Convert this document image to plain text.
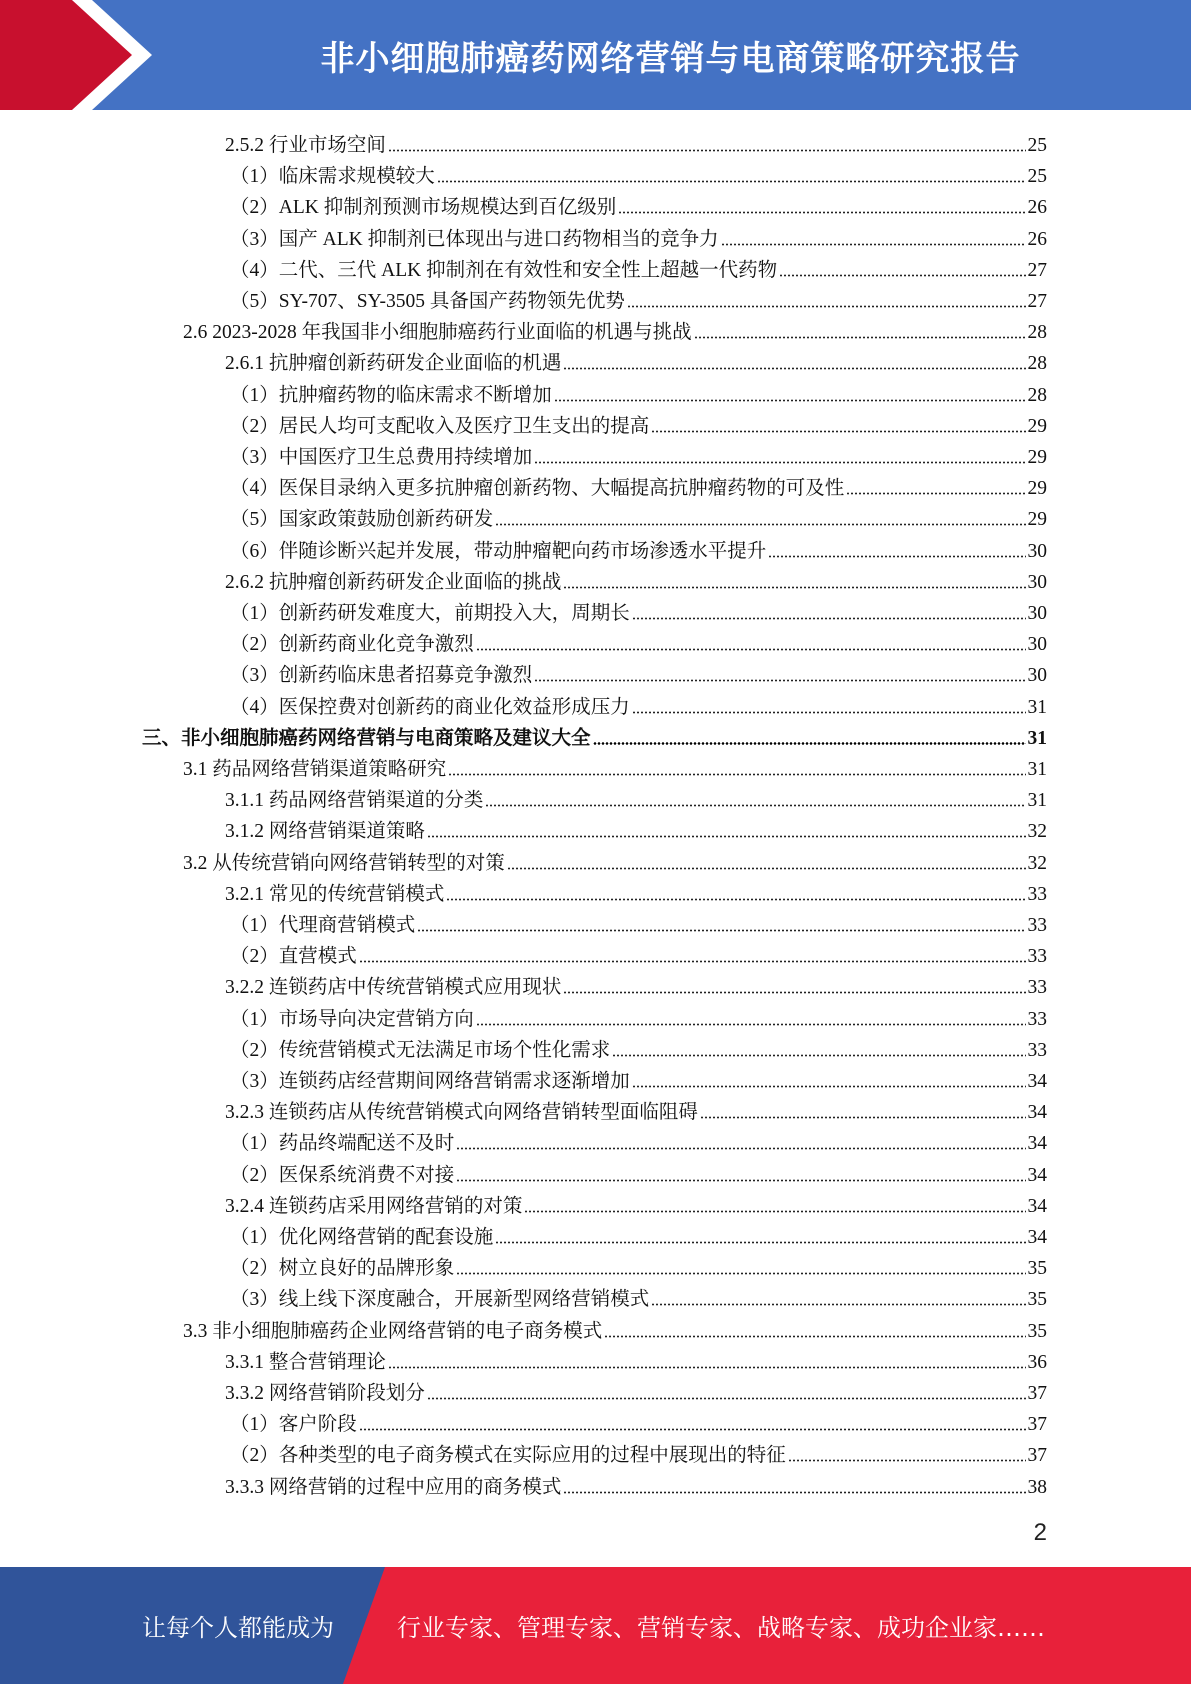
非小细胞肺癌药网络营销与电商策略研究报告
2.5.2 行业市场空间	25
（1）临床需求规模较大	25
（2）ALK 抑制剂预测市场规模达到百亿级别	26
（3）国产 ALK 抑制剂已体现出与进口药物相当的竞争力	26
（4）二代、三代 ALK 抑制剂在有效性和安全性上超越一代药物	27
（5）SY-707、SY-3505 具备国产药物领先优势	27
2.6 2023-2028 年我国非小细胞肺癌药行业面临的机遇与挑战	28
2.6.1 抗肿瘤创新药研发企业面临的机遇	28
（1）抗肿瘤药物的临床需求不断增加	28
（2）居民人均可支配收入及医疗卫生支出的提高	29
（3）中国医疗卫生总费用持续增加	29
（4）医保目录纳入更多抗肿瘤创新药物、大幅提高抗肿瘤药物的可及性	29
（5）国家政策鼓励创新药研发	29
（6）伴随诊断兴起并发展，带动肿瘤靶向药市场渗透水平提升	30
2.6.2 抗肿瘤创新药研发企业面临的挑战	30
（1）创新药研发难度大，前期投入大，周期长	30
（2）创新药商业化竞争激烈	30
（3）创新药临床患者招募竞争激烈	30
（4）医保控费对创新药的商业化效益形成压力	31
三、非小细胞肺癌药网络营销与电商策略及建议大全	31
3.1 药品网络营销渠道策略研究	31
3.1.1 药品网络营销渠道的分类	31
3.1.2 网络营销渠道策略	32
3.2 从传统营销向网络营销转型的对策	32
3.2.1 常见的传统营销模式	33
（1）代理商营销模式	33
（2）直营模式	33
3.2.2 连锁药店中传统营销模式应用现状	33
（1）市场导向决定营销方向	33
（2）传统营销模式无法满足市场个性化需求	33
（3）连锁药店经营期间网络营销需求逐渐增加	34
3.2.3 连锁药店从传统营销模式向网络营销转型面临阻碍	34
（1）药品终端配送不及时	34
（2）医保系统消费不对接	34
3.2.4 连锁药店采用网络营销的对策	34
（1）优化网络营销的配套设施	34
（2）树立良好的品牌形象	35
（3）线上线下深度融合，开展新型网络营销模式	35
3.3 非小细胞肺癌药企业网络营销的电子商务模式	35
3.3.1 整合营销理论	36
3.3.2 网络营销阶段划分	37
（1）客户阶段	37
（2）各种类型的电子商务模式在实际应用的过程中展现出的特征	37
3.3.3 网络营销的过程中应用的商务模式	38
2
让每个人都能成为	行业专家、管理专家、营销专家、战略专家、成功企业家……
